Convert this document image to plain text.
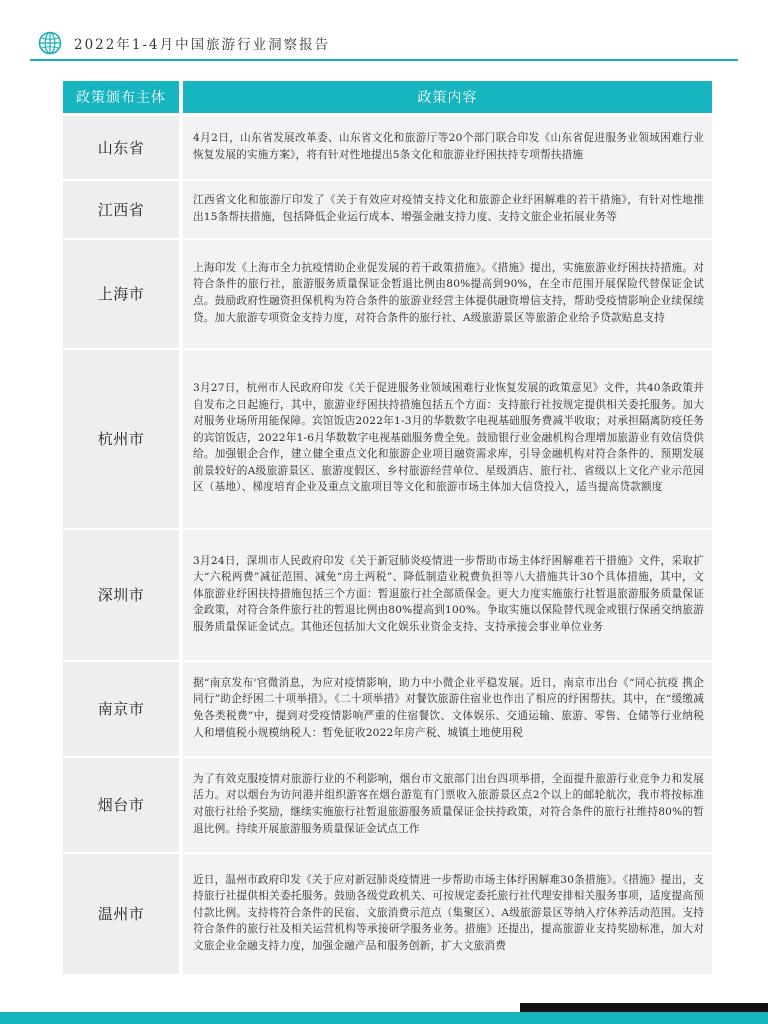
2022年1-4月中国旅游行业洞察报告
政策颁布主体	政策内容
山东省	4月2日，山东省发展改革委、山东省文化和旅游厅等20个部门联合印发《山东省促进服务业领域困难行业恢复发展的实施方案》，将有针对性地提出5条文化和旅游业纾困扶持专项帮扶措施
江西省	江西省文化和旅游厅印发了《关于有效应对疫情支持文化和旅游企业纾困解难的若干措施》，有针对性地推出15条帮扶措施，包括降低企业运行成本、增强金融支持力度、支持文旅企业拓展业务等
上海市	上海印发《上海市全力抗疫情助企业促发展的若干政策措施》。《措施》提出，实施旅游业纾困扶持措施。对符合条件的旅行社，旅游服务质量保证金暂退比例由80%提高到90%，在全市范围开展保险代替保证金试点。鼓励政府性融资担保机构为符合条件的旅游业经营主体提供融资增信支持，帮助受疫情影响企业续保续贷。加大旅游专项资金支持力度，对符合条件的旅行社、A级旅游景区等旅游企业给予贷款贴息支持
杭州市	3月27日，杭州市人民政府印发《关于促进服务业领域困难行业恢复发展的政策意见》文件，共40条政策并自发布之日起施行，其中，旅游业纾困扶持措施包括五个方面：支持旅行社按规定提供相关委托服务。加大对服务业场所用能保障。宾馆饭店2022年1-3月的华数数字电视基础服务费减半收取；对承担隔离防疫任务的宾馆饭店，2022年1-6月华数数字电视基础服务费全免。鼓励银行业金融机构合理增加旅游业有效信贷供给。加强银企合作，建立健全重点文化和旅游企业项目融资需求库，引导金融机构对符合条件的、预期发展前景较好的A级旅游景区、旅游度假区、乡村旅游经营单位、星级酒店、旅行社、省级以上文化产业示范园区（基地）、梯度培育企业及重点文旅项目等文化和旅游市场主体加大信贷投入，适当提高贷款额度
深圳市	3月24日，深圳市人民政府印发《关于新冠肺炎疫情进一步帮助市场主体纾困解难若干措施》文件，采取扩大“六税两费”减征范围、减免“房土两税”、降低制造业税费负担等八大措施共计30个具体措施，其中，文体旅游业纾困扶持措施包括三个方面：暂退旅行社全部质保金。更大力度实施旅行社暂退旅游服务质量保证金政策，对符合条件旅行社的暂退比例由80%提高到100%。争取实施以保险替代现金或银行保函交纳旅游服务质量保证金试点。其他还包括加大文化娱乐业资金支持、支持承接会事业单位业务
南京市	据“南京发布'官微消息，为应对疫情影响，助力中小微企业平稳发展。近日，南京市出台《“同心抗疫 携企同行”助企纾困二十项举措》。《二十项举措》对餐饮旅游住宿业也作出了相应的纾困帮扶。其中，在“缓缴减免各类税费”中，提到对受疫情影响严重的住宿餐饮、文体娱乐、交通运输、旅游、零售、仓储等行业纳税人和增值税小规模纳税人：暂免征收2022年房产税、城镇土地使用税
烟台市	为了有效克服疫情对旅游行业的不利影响，烟台市文旅部门出台四项举措，全面提升旅游行业竞争力和发展活力。对以烟台为访问港并组织游客在烟台游览有门票收入旅游景区点2个以上的邮轮航次，我市将按标准对旅行社给予奖励，继续实施旅行社暂退旅游服务质量保证金扶持政策，对符合条件的旅行社维持80%的暂退比例。持续开展旅游服务质量保证金试点工作
温州市	近日，温州市政府印发《关于应对新冠肺炎疫情进一步帮助市场主体纾困解难30条措施》。《措施》提出，支持旅行社提供相关委托服务。鼓励各级党政机关、可按规定委托旅行社代理安排相关服务事项，适度提高预付款比例。支持将符合条件的民宿、文旅消费示范点（集聚区）、A级旅游景区等纳入疗休养活动范围。支持符合条件的旅行社及相关运营机构等承接研学服务业务。措施》还提出，提高旅游业支持奖励标准，加大对文旅企业金融支持力度，加强金融产品和服务创新，扩大文旅消费
